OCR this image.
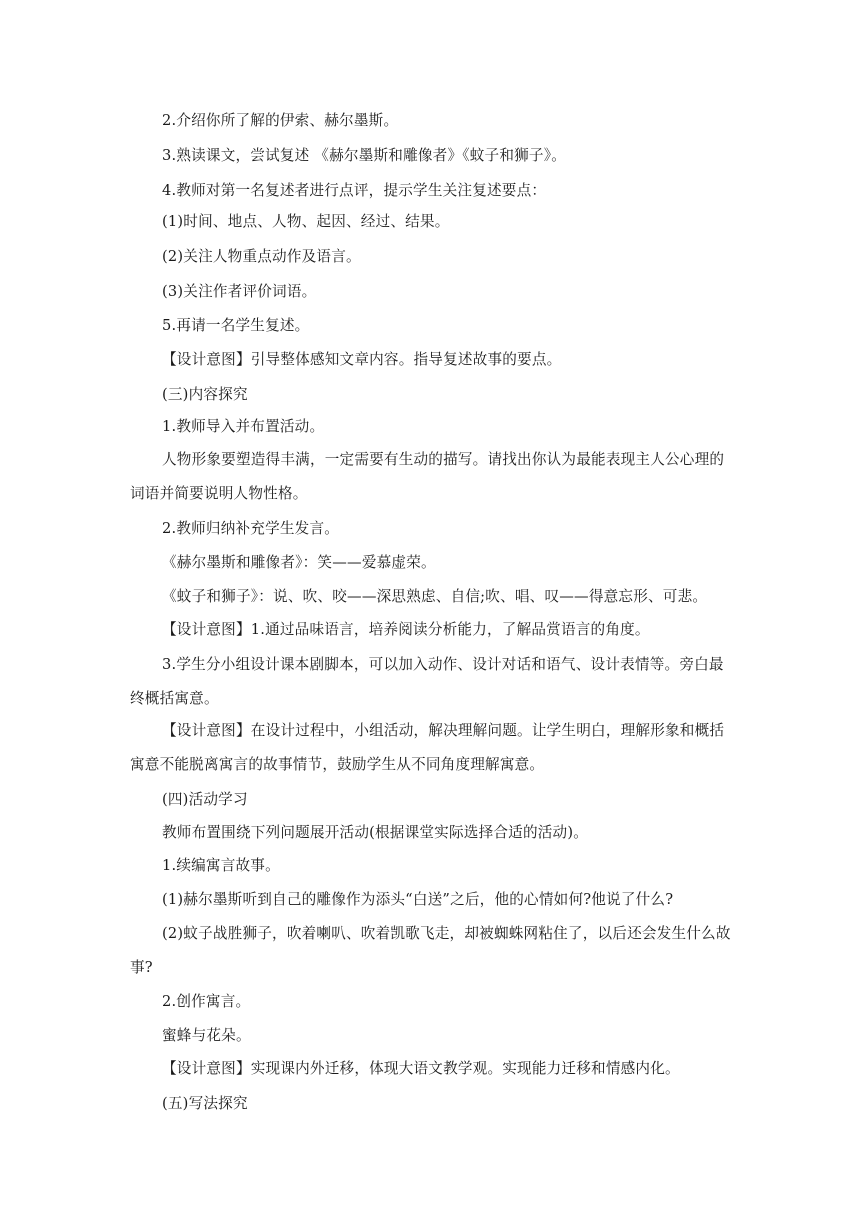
2.介绍你所了解的伊索、赫尔墨斯。
3.熟读课文，尝试复述 《赫尔墨斯和雕像者》《蚊子和狮子》。
4.教师对第一名复述者进行点评，提示学生关注复述要点：
(1)时间、地点、人物、起因、经过、结果。
(2)关注人物重点动作及语言。
(3)关注作者评价词语。
5.再请一名学生复述。
【设计意图】引导整体感知文章内容。指导复述故事的要点。
(三)内容探究
1.教师导入并布置活动。
人物形象要塑造得丰满，一定需要有生动的描写。请找出你认为最能表现主人公心理的词语并简要说明人物性格。
2.教师归纳补充学生发言。
《赫尔墨斯和雕像者》：笑——爱慕虚荣。
《蚊子和狮子》：说、吹、咬——深思熟虑、自信;吹、唱、叹——得意忘形、可悲。
【设计意图】1.通过品味语言，培养阅读分析能力，了解品赏语言的角度。
3.学生分小组设计课本剧脚本，可以加入动作、设计对话和语气、设计表情等。旁白最终概括寓意。
【设计意图】在设计过程中，小组活动，解决理解问题。让学生明白，理解形象和概括寓意不能脱离寓言的故事情节，鼓励学生从不同角度理解寓意。
(四)活动学习
教师布置围绕下列问题展开活动(根据课堂实际选择合适的活动)。
1.续编寓言故事。
(1)赫尔墨斯听到自己的雕像作为添头“白送”之后，他的心情如何?他说了什么?
(2)蚊子战胜狮子，吹着喇叭、吹着凯歌飞走，却被蜘蛛网粘住了，以后还会发生什么故事?
2.创作寓言。
蜜蜂与花朵。
【设计意图】实现课内外迁移，体现大语文教学观。实现能力迁移和情感内化。
(五)写法探究
